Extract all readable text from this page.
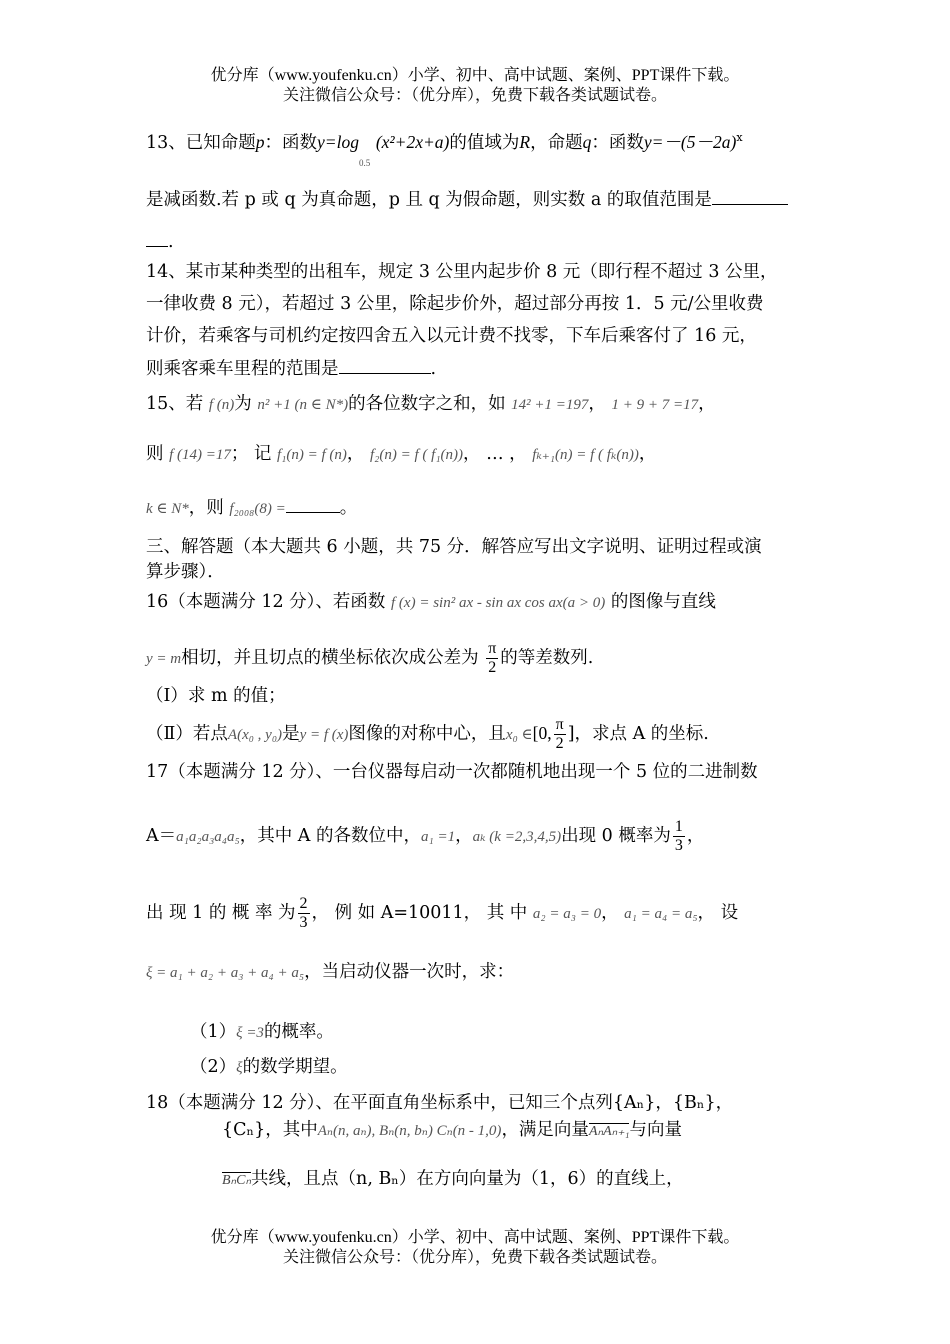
优分库（www.youfenku.cn）小学、初中、高中试题、案例、PPT课件下载。
关注微信公众号：（优分库），免费下载各类试题试卷。
13、已知命题p：函数$y=\log_{0.5}$ (x²+2x+a)的值域为R，命题q：函数$y=-(5-2a)^x$
是减函数.若 p 或 q 为真命题，p 且 q 为假命题，则实数 a 的取值范围是
.
14、某市某种类型的出租车，规定 3 公里内起步价 8 元（即行程不超过 3 公里，
一律收费 8 元），若超过 3 公里，除起步价外，超过部分再按 1．5 元/公里收费
计价，若乘客与司机约定按四舍五入以元计费不找零，下车后乘客付了 16 元，
则乘客乘车里程的范围是	.
15、若 f (n)为 n² +1 (n ∈ N*)的各位数字之和，如 14² +1 =197， 1 + 9 + 7 =17，
则 f (14) =17； 记 f₁(n) = f (n)， f₂(n) = f ( f₁(n))， … ， fₖ₊₁(n) = f ( fₖ(n))，
k ∈ N*，则 f₂₀₀₈(8) =	。
三、解答题（本大题共 6 小题，共 75 分．解答应写出文字说明、证明过程或演
算步骤）．
16（本题满分 12 分）、若函数 f (x) = sin² ax - sin ax cos ax(a > 0) 的图像与直线
y = m相切，并且切点的横坐标依次成公差为 $\frac{\pi}{2}$ 的等差数列.
（Ⅰ）求 m 的值；
（Ⅱ）若点A(x₀ , y₀)是y = f (x)图像的对称中心，且x₀ ∈[0, $\frac{\pi}{2}$ ]，求点 A 的坐标.
17（本题满分 12 分）、一台仪器每启动一次都随机地出现一个 5 位的二进制数
A＝a₁a₂a₃a₄a₅，其中 A 的各数位中，a₁ =1，aₖ (k =2,3,4,5)出现 0 概率为 $\frac{1}{3}$ ，
出 现 1 的 概 率 为 $\frac{2}{3}$ ， 例 如 A=10011， 其 中 a₂ = a₃ = 0， a₁ = a₄ = a₅， 设
ξ = a₁ + a₂ + a₃ + a₄ + a₅，当启动仪器一次时，求：
（1）ξ =3的概率。
（2）ξ的数学期望。
18（本题满分 12 分）、在平面直角坐标系中，已知三个点列{Aₙ}，{Bₙ}，
{Cₙ}，其中Aₙ(n, aₙ), Bₙ(n, bₙ) Cₙ(n - 1,0)，满足向量AₙAₙ₊₁与向量
BₙCₙ共线，且点（n, Bₙ）在方向向量为（1，6）的直线上，
优分库（www.youfenku.cn）小学、初中、高中试题、案例、PPT课件下载。
关注微信公众号：（优分库），免费下载各类试题试卷。
